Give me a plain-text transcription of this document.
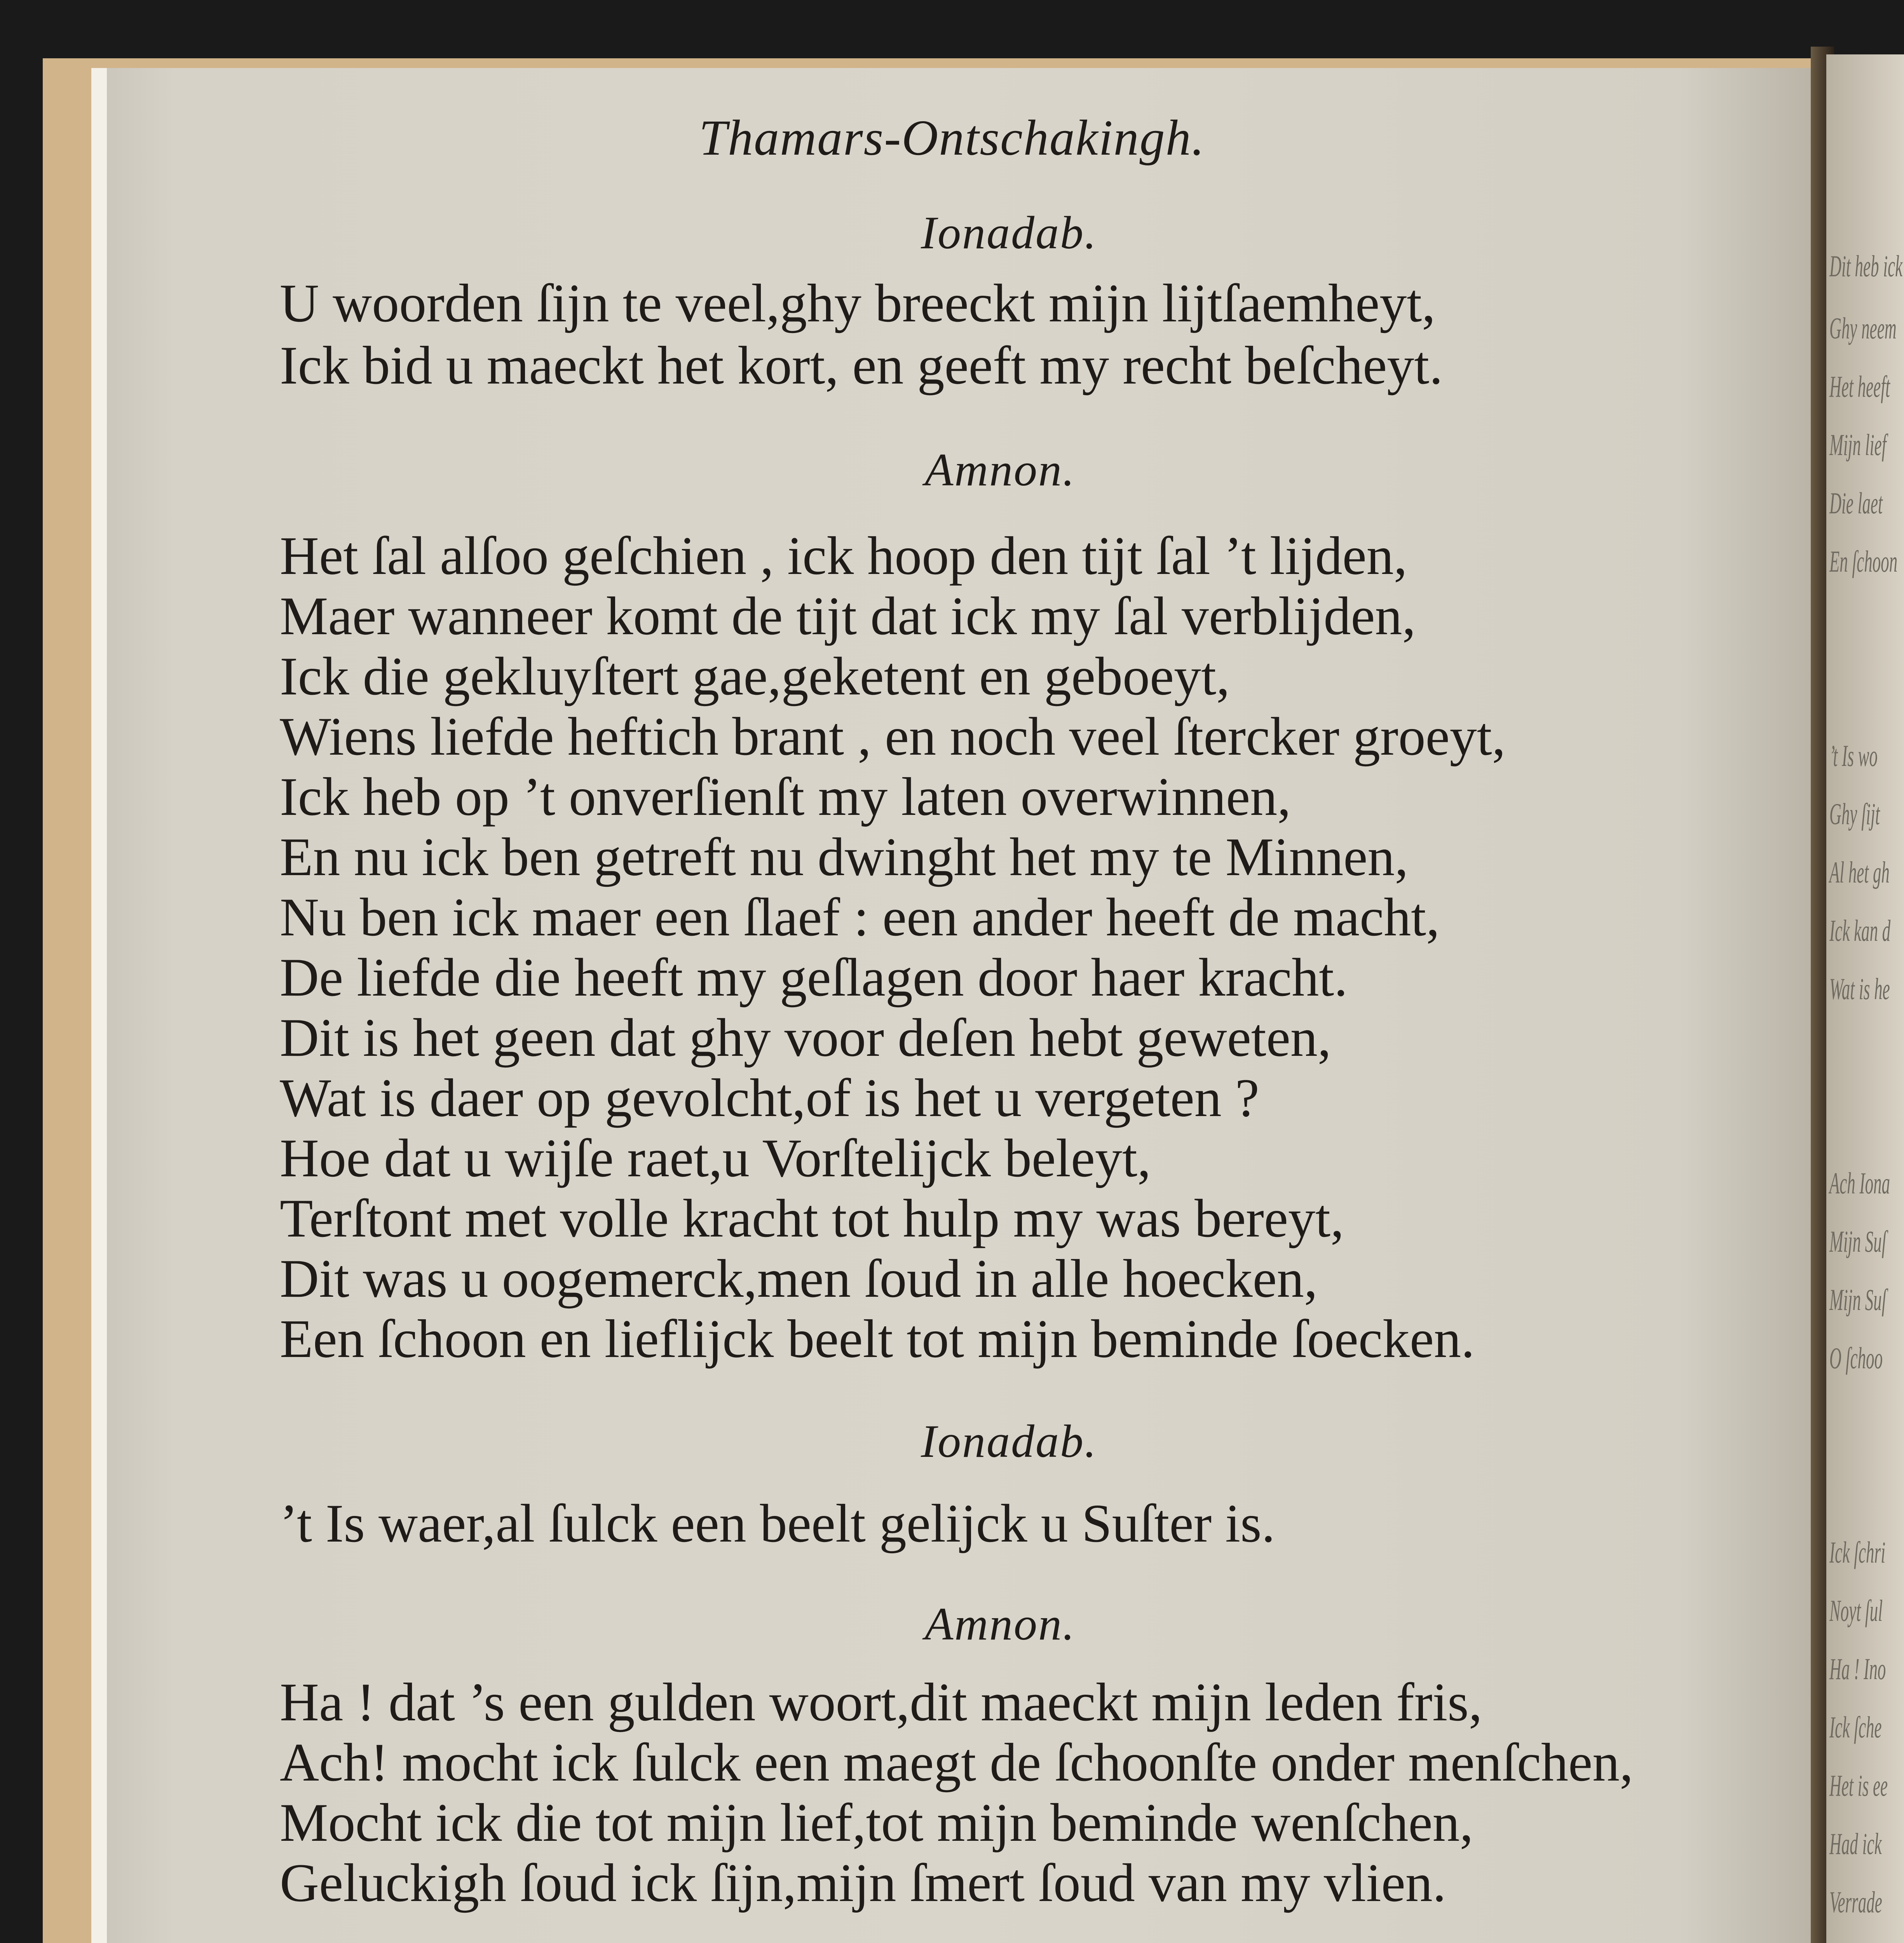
Dit heb ick
Ghy neem
Het heeft
Mijn lief
Die laet
En ſchoon
’t Is wo
Ghy ſijt
Al het gh
Ick kan d
Wat is he
Ach Iona
Mijn Suſ
Mijn Suſ
O ſchoo
Ick ſchri
Noyt ſul
Ha ! Ino
Ick ſche
Het is ee
Had ick
Verrade
Thamars-Ontschakingh.
Ionadab.
U woorden ſijn te veel,ghy breeckt mijn lijtſaemheyt,
Ick bid u maeckt het kort, en geeft my recht beſcheyt.
Amnon.
Het ſal alſoo geſchien , ick hoop den tijt ſal ’t lijden,
Maer wanneer komt de tijt dat ick my ſal verblijden,
Ick die gekluyſtert gae,geketent en geboeyt,
Wiens liefde heftich brant , en noch veel ſtercker groeyt,
Ick heb op ’t onverſienſt my laten overwinnen,
En nu ick ben getreft nu dwinght het my te Minnen,
Nu ben ick maer een ſlaef : een ander heeft de macht,
De liefde die heeft my geſlagen door haer kracht.
Dit is het geen dat ghy voor deſen hebt geweten,
Wat is daer op gevolcht,of is het u vergeten ?
Hoe dat u wijſe raet,u Vorſtelijck beleyt,
Terſtont met volle kracht tot hulp my was bereyt,
Dit was u oogemerck,men ſoud in alle hoecken,
Een ſchoon en lieflijck beelt tot mijn beminde ſoecken.
Ionadab.
’t Is waer,al ſulck een beelt gelijck u Suſter is.
Amnon.
Ha ! dat ’s een gulden woort,dit maeckt mijn leden fris,
Ach! mocht ick ſulck een maegt de ſchoonſte onder menſchen,
Mocht ick die tot mijn lief,tot mijn beminde wenſchen,
Geluckigh ſoud ick ſijn,mijn ſmert ſoud van my vlien.
